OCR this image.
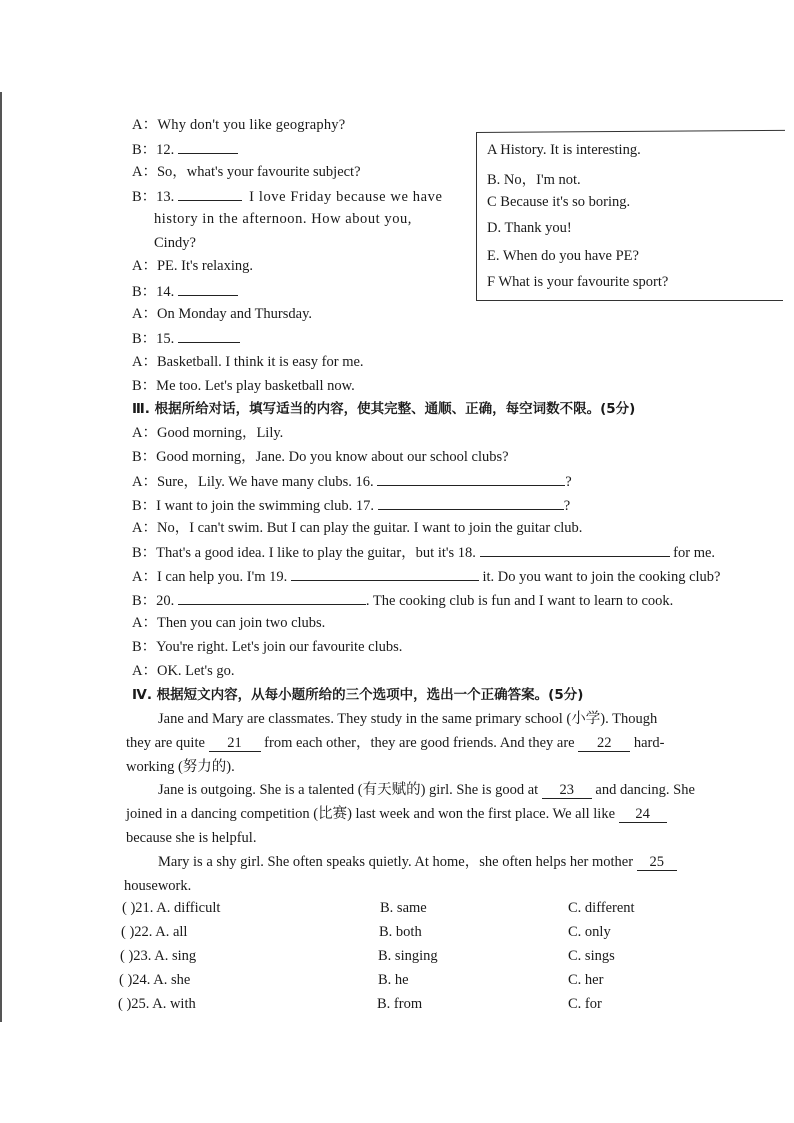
A：Why don't you like geography?
B：12.
A：So，what's your favourite subject?
B：13.	I love Friday because we have
history in the afternoon. How about you,
Cindy?
A：PE. It's relaxing.
B：14.
A：On Monday and Thursday.
B：15.
A：Basketball. I think it is easy for me.
B：Me too. Let's play basketball now.
A History. It is interesting.
B. No，I'm not.
C Because it's so boring.
D. Thank you!
E. When do you have PE?
F What is your favourite sport?
Ⅲ. 根据所给对话，填写适当的内容，使其完整、通顺、正确，每空词数不限。(5分)
A：Good morning，Lily.
B：Good morning，Jane. Do you know about our school clubs?
A：Sure，Lily. We have many clubs. 16.	?
B：I want to join the swimming club. 17.	?
A：No，I can't swim. But I can play the guitar. I want to join the guitar club.
B：That's a good idea. I like to play the guitar，but it's 18.	for me.
A：I can help you. I'm 19.	it. Do you want to join the cooking club?
B：20.	. The cooking club is fun and I want to learn to cook.
A：Then you can join two clubs.
B：You're right. Let's join our favourite clubs.
A：OK. Let's go.
Ⅳ. 根据短文内容，从每小题所给的三个选项中，选出一个正确答案。(5分)
Jane and Mary are classmates. They study in the same primary school (小学). Though
they are quite 21 from each other，they are good friends. And they are 22 hard-
working (努力的).
Jane is outgoing. She is a talented (有天赋的) girl. She is good at 23 and dancing. She
joined in a dancing competition (比赛) last week and won the first place. We all like 24
because she is helpful.
Mary is a shy girl. She often speaks quietly. At home，she often helps her mother 25
housework.
( )21. A. difficult	B. same	C. different
( )22. A. all	B. both	C. only
( )23. A. sing	B. singing	C. sings
( )24. A. she	B. he	C. her
( )25. A. with	B. from	C. for
